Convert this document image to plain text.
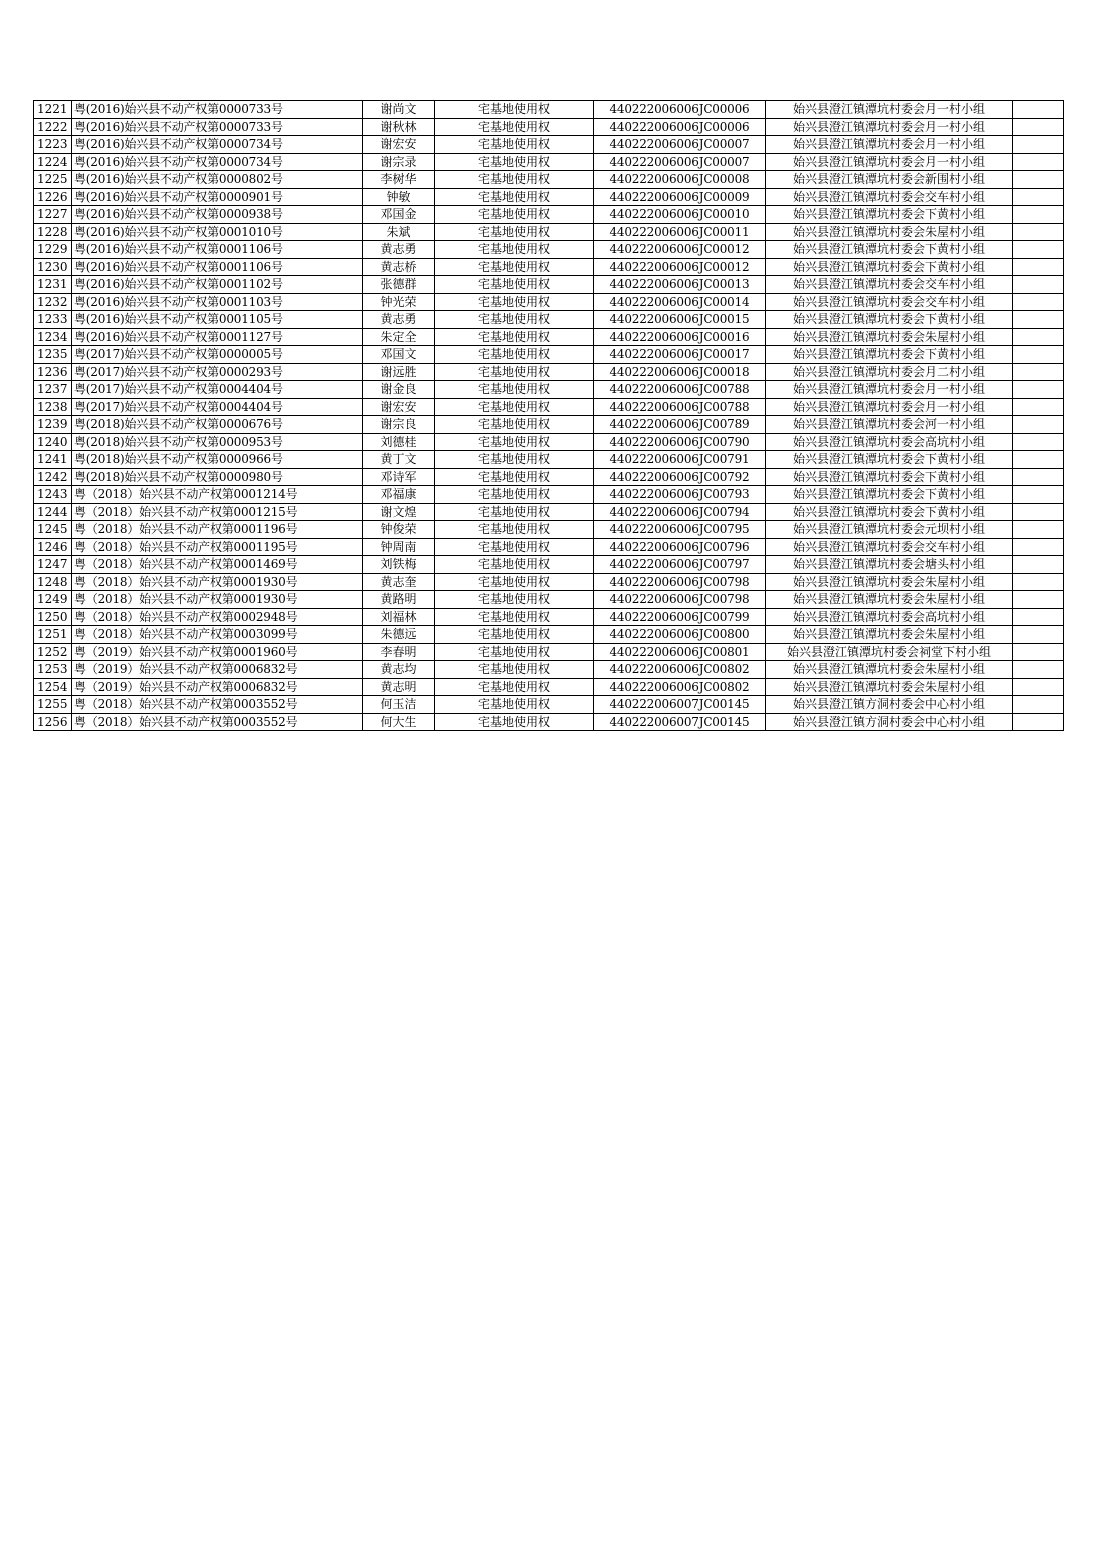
1221	粤(2016)始兴县不动产权第0000733号	谢尚文	宅基地使用权	440222006006JC00006	始兴县澄江镇潭坑村委会月一村小组	
1222	粤(2016)始兴县不动产权第0000733号	谢秋林	宅基地使用权	440222006006JC00006	始兴县澄江镇潭坑村委会月一村小组	
1223	粤(2016)始兴县不动产权第0000734号	谢宏安	宅基地使用权	440222006006JC00007	始兴县澄江镇潭坑村委会月一村小组	
1224	粤(2016)始兴县不动产权第0000734号	谢宗录	宅基地使用权	440222006006JC00007	始兴县澄江镇潭坑村委会月一村小组	
1225	粤(2016)始兴县不动产权第0000802号	李树华	宅基地使用权	440222006006JC00008	始兴县澄江镇潭坑村委会新围村小组	
1226	粤(2016)始兴县不动产权第0000901号	钟敏	宅基地使用权	440222006006JC00009	始兴县澄江镇潭坑村委会交车村小组	
1227	粤(2016)始兴县不动产权第0000938号	邓国金	宅基地使用权	440222006006JC00010	始兴县澄江镇潭坑村委会下黄村小组	
1228	粤(2016)始兴县不动产权第0001010号	朱斌	宅基地使用权	440222006006JC00011	始兴县澄江镇潭坑村委会朱屋村小组	
1229	粤(2016)始兴县不动产权第0001106号	黄志勇	宅基地使用权	440222006006JC00012	始兴县澄江镇潭坑村委会下黄村小组	
1230	粤(2016)始兴县不动产权第0001106号	黄志桥	宅基地使用权	440222006006JC00012	始兴县澄江镇潭坑村委会下黄村小组	
1231	粤(2016)始兴县不动产权第0001102号	张德群	宅基地使用权	440222006006JC00013	始兴县澄江镇潭坑村委会交车村小组	
1232	粤(2016)始兴县不动产权第0001103号	钟光荣	宅基地使用权	440222006006JC00014	始兴县澄江镇潭坑村委会交车村小组	
1233	粤(2016)始兴县不动产权第0001105号	黄志勇	宅基地使用权	440222006006JC00015	始兴县澄江镇潭坑村委会下黄村小组	
1234	粤(2016)始兴县不动产权第0001127号	朱定全	宅基地使用权	440222006006JC00016	始兴县澄江镇潭坑村委会朱屋村小组	
1235	粤(2017)始兴县不动产权第0000005号	邓国文	宅基地使用权	440222006006JC00017	始兴县澄江镇潭坑村委会下黄村小组	
1236	粤(2017)始兴县不动产权第0000293号	谢远胜	宅基地使用权	440222006006JC00018	始兴县澄江镇潭坑村委会月二村小组	
1237	粤(2017)始兴县不动产权第0004404号	谢金良	宅基地使用权	440222006006JC00788	始兴县澄江镇潭坑村委会月一村小组	
1238	粤(2017)始兴县不动产权第0004404号	谢宏安	宅基地使用权	440222006006JC00788	始兴县澄江镇潭坑村委会月一村小组	
1239	粤(2018)始兴县不动产权第0000676号	谢宗良	宅基地使用权	440222006006JC00789	始兴县澄江镇潭坑村委会河一村小组	
1240	粤(2018)始兴县不动产权第0000953号	刘德桂	宅基地使用权	440222006006JC00790	始兴县澄江镇潭坑村委会高坑村小组	
1241	粤(2018)始兴县不动产权第0000966号	黄丁文	宅基地使用权	440222006006JC00791	始兴县澄江镇潭坑村委会下黄村小组	
1242	粤(2018)始兴县不动产权第0000980号	邓诗军	宅基地使用权	440222006006JC00792	始兴县澄江镇潭坑村委会下黄村小组	
1243	粤（2018）始兴县不动产权第0001214号	邓福康	宅基地使用权	440222006006JC00793	始兴县澄江镇潭坑村委会下黄村小组	
1244	粤（2018）始兴县不动产权第0001215号	谢文煌	宅基地使用权	440222006006JC00794	始兴县澄江镇潭坑村委会下黄村小组	
1245	粤（2018）始兴县不动产权第0001196号	钟俊荣	宅基地使用权	440222006006JC00795	始兴县澄江镇潭坑村委会元坝村小组	
1246	粤（2018）始兴县不动产权第0001195号	钟周南	宅基地使用权	440222006006JC00796	始兴县澄江镇潭坑村委会交车村小组	
1247	粤（2018）始兴县不动产权第0001469号	刘铁梅	宅基地使用权	440222006006JC00797	始兴县澄江镇潭坑村委会塘头村小组	
1248	粤（2018）始兴县不动产权第0001930号	黄志奎	宅基地使用权	440222006006JC00798	始兴县澄江镇潭坑村委会朱屋村小组	
1249	粤（2018）始兴县不动产权第0001930号	黄路明	宅基地使用权	440222006006JC00798	始兴县澄江镇潭坑村委会朱屋村小组	
1250	粤（2018）始兴县不动产权第0002948号	刘福林	宅基地使用权	440222006006JC00799	始兴县澄江镇潭坑村委会高坑村小组	
1251	粤（2018）始兴县不动产权第0003099号	朱德远	宅基地使用权	440222006006JC00800	始兴县澄江镇潭坑村委会朱屋村小组	
1252	粤（2019）始兴县不动产权第0001960号	李春明	宅基地使用权	440222006006JC00801	始兴县澄江镇潭坑村委会祠堂下村小组	
1253	粤（2019）始兴县不动产权第0006832号	黄志均	宅基地使用权	440222006006JC00802	始兴县澄江镇潭坑村委会朱屋村小组	
1254	粤（2019）始兴县不动产权第0006832号	黄志明	宅基地使用权	440222006006JC00802	始兴县澄江镇潭坑村委会朱屋村小组	
1255	粤（2018）始兴县不动产权第0003552号	何玉洁	宅基地使用权	440222006007JC00145	始兴县澄江镇方洞村委会中心村小组	
1256	粤（2018）始兴县不动产权第0003552号	何大生	宅基地使用权	440222006007JC00145	始兴县澄江镇方洞村委会中心村小组	
